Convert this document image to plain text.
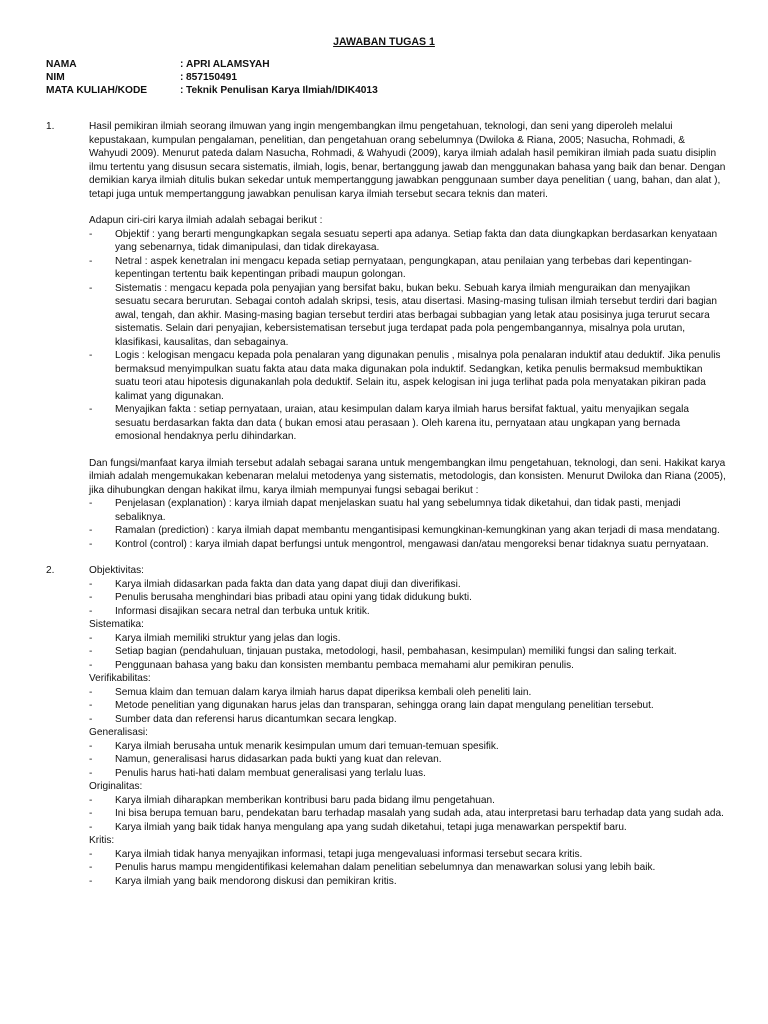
JAWABAN TUGAS 1
NAMA	: APRI ALAMSYAH
NIM	: 857150491
MATA KULIAH/KODE	: Teknik Penulisan Karya Ilmiah/IDIK4013
1.	Hasil pemikiran ilmiah seorang ilmuwan yang ingin mengembangkan ilmu pengetahuan, teknologi, dan seni yang diperoleh melalui kepustakaan, kumpulan pengalaman, penelitian, dan pengetahuan orang sebelumnya (Dwiloka & Riana, 2005; Nasucha, Rohmadi, & Wahyudi 2009). Menurut pateda dalam Nasucha, Rohmadi, & Wahyudi (2009), karya ilmiah adalah hasil pemikiran ilmiah pada suatu disiplin ilmu tertentu yang disusun secara sistematis, ilmiah, logis, benar, bertanggung jawab dan menggunakan bahasa yang baik dan benar. Dengan demikian karya ilmiah ditulis bukan sekedar untuk mempertanggung jawabkan penggunaan sumber daya penelitian ( uang, bahan, dan alat ), tetapi juga untuk mempertanggung jawabkan penulisan karya ilmiah tersebut secara teknis dan materi.

Adapun ciri-ciri karya ilmiah adalah sebagai berikut :

-	Objektif : yang berarti mengungkapkan segala sesuatu seperti apa adanya. Setiap fakta dan data diungkapkan berdasarkan kenyataan yang sebenarnya, tidak dimanipulasi, dan tidak direkayasa.
-	Netral : aspek kenetralan ini mengacu kepada setiap pernyataan, pengungkapan, atau penilaian yang terbebas dari kepentingan-kepentingan tertentu baik kepentingan pribadi maupun golongan.
-	Sistematis : mengacu kepada pola penyajian yang bersifat baku, bukan beku. Sebuah karya ilmiah menguraikan dan menyajikan sesuatu secara berurutan. Sebagai contoh adalah skripsi, tesis, atau disertasi. Masing-masing tulisan ilmiah tersebut terdiri dari bagian awal, tengah, dan akhir. Masing-masing bagian tersebut terdiri atas berbagai subbagian yang letak atau posisinya juga terurut secara sistematis. Selain dari penyajian, kebersistematisan tersebut juga terdapat pada pola pengembangannya, misalnya pola urutan, klasifikasi, kausalitas, dan sebagainya.
-	Logis : kelogisan mengacu kepada pola penalaran yang digunakan penulis , misalnya pola penalaran induktif atau deduktif. Jika penulis bermaksud menyimpulkan suatu fakta atau data maka digunakan pola induktif. Sedangkan, ketika penulis bermaksud membuktikan suatu teori atau hipotesis digunakanlah pola deduktif. Selain itu, aspek kelogisan ini juga terlihat pada pola menyatakan pikiran pada kalimat yang digunakan.
-	Menyajikan fakta : setiap pernyataan, uraian, atau kesimpulan dalam karya ilmiah harus bersifat faktual, yaitu menyajikan segala sesuatu berdasarkan fakta dan data ( bukan emosi atau perasaan ). Oleh karena itu, pernyataan atau ungkapan yang bernada emosional hendaknya perlu dihindarkan.

Dan fungsi/manfaat karya ilmiah tersebut adalah sebagai sarana untuk mengembangkan ilmu pengetahuan, teknologi, dan seni. Hakikat karya ilmiah adalah mengemukakan kebenaran melalui metodenya yang sistematis, metodologis, dan konsisten. Menurut Dwiloka dan Riana (2005), jika dihubungkan dengan hakikat ilmu, karya ilmiah mempunyai fungsi sebagai berikut :

-	Penjelasan (explanation) : karya ilmiah dapat menjelaskan suatu hal yang sebelumnya tidak diketahui, dan tidak pasti, menjadi sebaliknya.
-	Ramalan (prediction) : karya ilmiah dapat membantu mengantisipasi kemungkinan-kemungkinan yang akan terjadi di masa mendatang.
-	Kontrol (control) : karya ilmiah dapat berfungsi untuk mengontrol, mengawasi dan/atau mengoreksi benar tidaknya suatu pernyataan.
2.	Objektivitas:

-	Karya ilmiah didasarkan pada fakta dan data yang dapat diuji dan diverifikasi.
-	Penulis berusaha menghindari bias pribadi atau opini yang tidak didukung bukti.
-	Informasi disajikan secara netral dan terbuka untuk kritik.

Sistematika:

-	Karya ilmiah memiliki struktur yang jelas dan logis.
-	Setiap bagian (pendahuluan, tinjauan pustaka, metodologi, hasil, pembahasan, kesimpulan) memiliki fungsi dan saling terkait.
-	Penggunaan bahasa yang baku dan konsisten membantu pembaca memahami alur pemikiran penulis.

Verifikabilitas:

-	Semua klaim dan temuan dalam karya ilmiah harus dapat diperiksa kembali oleh peneliti lain.
-	Metode penelitian yang digunakan harus jelas dan transparan, sehingga orang lain dapat mengulang penelitian tersebut.
-	Sumber data dan referensi harus dicantumkan secara lengkap.

Generalisasi:

-	Karya ilmiah berusaha untuk menarik kesimpulan umum dari temuan-temuan spesifik.
-	Namun, generalisasi harus didasarkan pada bukti yang kuat dan relevan.
-	Penulis harus hati-hati dalam membuat generalisasi yang terlalu luas.

Originalitas:

-	Karya ilmiah diharapkan memberikan kontribusi baru pada bidang ilmu pengetahuan.
-	Ini bisa berupa temuan baru, pendekatan baru terhadap masalah yang sudah ada, atau interpretasi baru terhadap data yang sudah ada.
-	Karya ilmiah yang baik tidak hanya mengulang apa yang sudah diketahui, tetapi juga menawarkan perspektif baru.

Kritis:

-	Karya ilmiah tidak hanya menyajikan informasi, tetapi juga mengevaluasi informasi tersebut secara kritis.
-	Penulis harus mampu mengidentifikasi kelemahan dalam penelitian sebelumnya dan menawarkan solusi yang lebih baik.
-	Karya ilmiah yang baik mendorong diskusi dan pemikiran kritis.
